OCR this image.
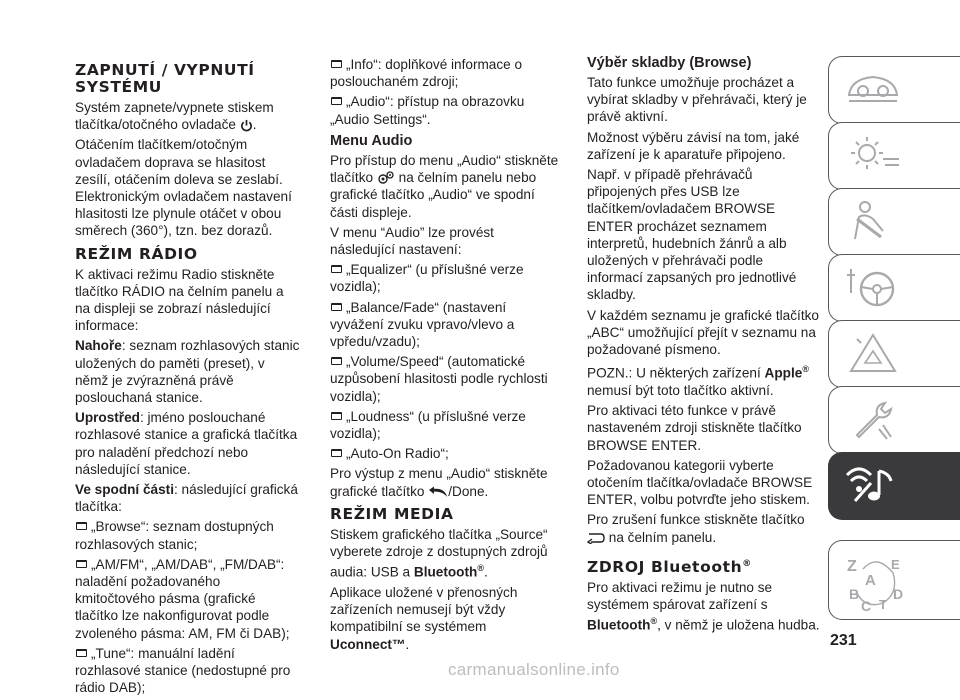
ZAPNUTÍ / VYPNUTÍ SYSTÉMU

Systém zapnete/vypnete stiskem tlačítka/otočného ovladače .

Otáčením tlačítkem/otočným ovladačem doprava se hlasitost zesílí, otáčením doleva se zeslabí. Elektronickým ovladačem nastavení hlasitosti lze plynule otáčet v obou směrech (360°), tzn. bez dorazů.

REŽIM RÁDIO

K aktivaci režimu Radio stiskněte tlačítko RÁDIO na čelním panelu a na displeji se zobrazí následující informace:

Nahoře: seznam rozhlasových stanic uložených do paměti (preset), v němž je zvýrazněná právě poslouchaná stanice.

Uprostřed: jméno poslouchané rozhlasové stanice a grafická tlačítka pro naladění předchozí nebo následující stanice.

Ve spodní části: následující grafická tlačítka:

„Browse“: seznam dostupných rozhlasových stanic;

„AM/FM“, „AM/DAB“, „FM/DAB“: naladění požadovaného kmitočtového pásma (grafické tlačítko lze nakonfigurovat podle zvoleného pásma: AM, FM či DAB);

„Tune“: manuální ladění rozhlasové stanice (nedostupné pro rádio DAB);

„Info“: doplňkové informace o poslouchaném zdroji;

„Audio“: přístup na obrazovku „Audio Settings“.

Menu Audio

Pro přístup do menu „Audio“ stiskněte tlačítko na čelním panelu nebo grafické tlačítko „Audio“ ve spodní části displeje.

V menu “Audio” lze provést následující nastavení:

„Equalizer“ (u příslušné verze vozidla);

„Balance/Fade“ (nastavení vyvážení zvuku vpravo/vlevo a vpředu/vzadu);

„Volume/Speed“ (automatické uzpůsobení hlasitosti podle rychlosti vozidla);

„Loudness“ (u příslušné verze vozidla);

„Auto-On Radio“;

Pro výstup z menu „Audio“ stiskněte grafické tlačítko /Done.

REŽIM MEDIA

Stiskem grafického tlačítka „Source“ vyberete zdroje z dostupných zdrojů audia: USB a Bluetooth®.

Aplikace uložené v přenosných zařízeních nemusejí být vždy kompatibilní se systémem Uconnect™.

Výběr skladby (Browse)

Tato funkce umožňuje procházet a vybírat skladby v přehrávači, který je právě aktivní.

Možnost výběru závisí na tom, jaké zařízení je k aparatuře připojeno.

Např. v případě přehrávačů připojených přes USB lze tlačítkem/ovladačem BROWSE ENTER procházet seznamem interpretů, hudebních žánrů a alb uložených v přehrávači podle informací zapsaných pro jednotlivé skladby.

V každém seznamu je grafické tlačítko „ABC“ umožňující přejít v seznamu na požadované písmeno.

POZN.: U některých zařízení Apple® nemusí být toto tlačítko aktivní.

Pro aktivaci této funkce v právě nastaveném zdroji stiskněte tlačítko BROWSE ENTER.

Požadovanou kategorii vyberte otočením tlačítka/ovladače BROWSE ENTER, volbu potvrďte jeho stiskem.

Pro zrušení funkce stiskněte tlačítko  na čelním panelu.

ZDROJ Bluetooth®

Pro aktivaci režimu je nutno se systémem spárovat zařízení s Bluetooth®, v němž je uložena hudba.

231
Z	E
A
B
C T
D
carmanualsonline.info
